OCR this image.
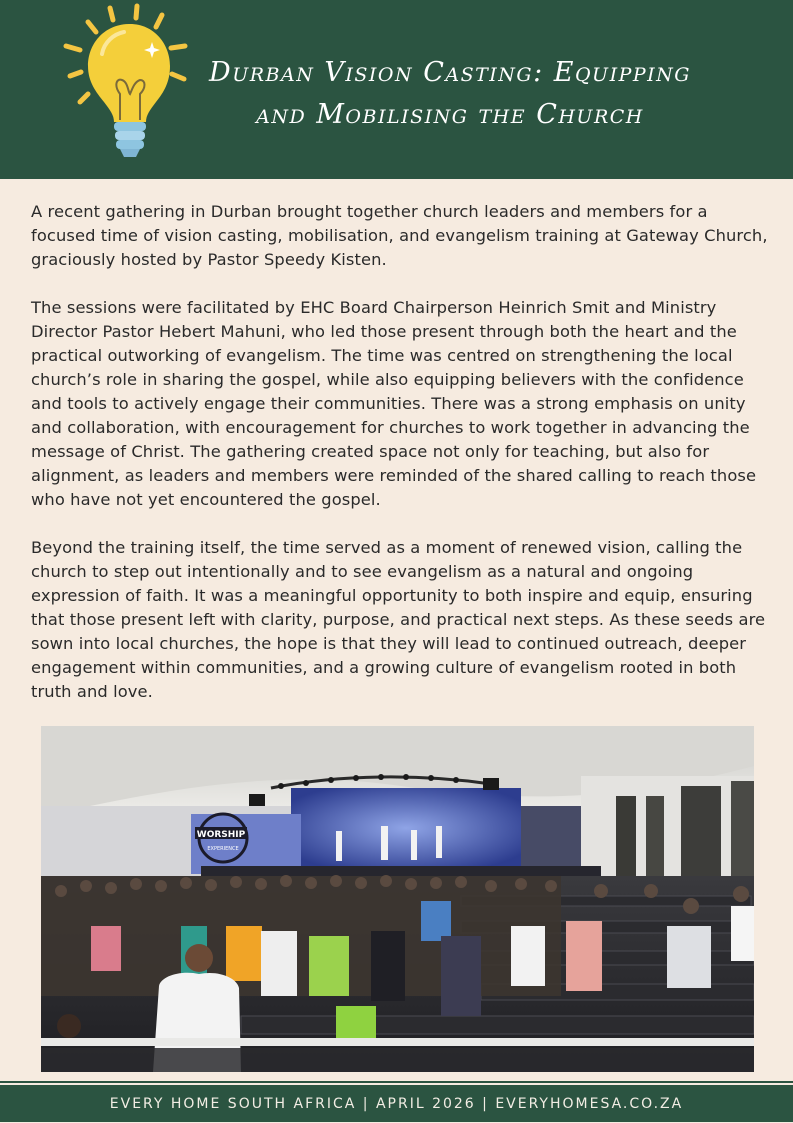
Durban Vision Casting: Equipping
and Mobilising the Church

A recent gathering in Durban brought together church leaders and members for a focused time of vision casting, mobilisation, and evangelism training at Gateway Church, graciously hosted by Pastor Speedy Kisten.

The sessions were facilitated by EHC Board Chairperson Heinrich Smit and Ministry Director Pastor Hebert Mahuni, who led those present through both the heart and the practical outworking of evangelism. The time was centred on strengthening the local church’s role in sharing the gospel, while also equipping believers with the confidence and tools to actively engage their communities. There was a strong emphasis on unity and collaboration, with encouragement for churches to work together in advancing the message of Christ. The gathering created space not only for teaching, but also for alignment, as leaders and members were reminded of the shared calling to reach those who have not yet encountered the gospel.

Beyond the training itself, the time served as a moment of renewed vision, calling the church to step out intentionally and to see evangelism as a natural and ongoing expression of faith. It was a meaningful opportunity to both inspire and equip, ensuring that those present left with clarity, purpose, and practical next steps. As these seeds are sown into local churches, the hope is that they will lead to continued outreach, deeper engagement within communities, and a growing culture of evangelism rooted in both truth and love.

WORSHIP
EXPERIENCE
EVERY HOME SOUTH AFRICA | APRIL 2026 | EVERYHOMESA.CO.ZA
